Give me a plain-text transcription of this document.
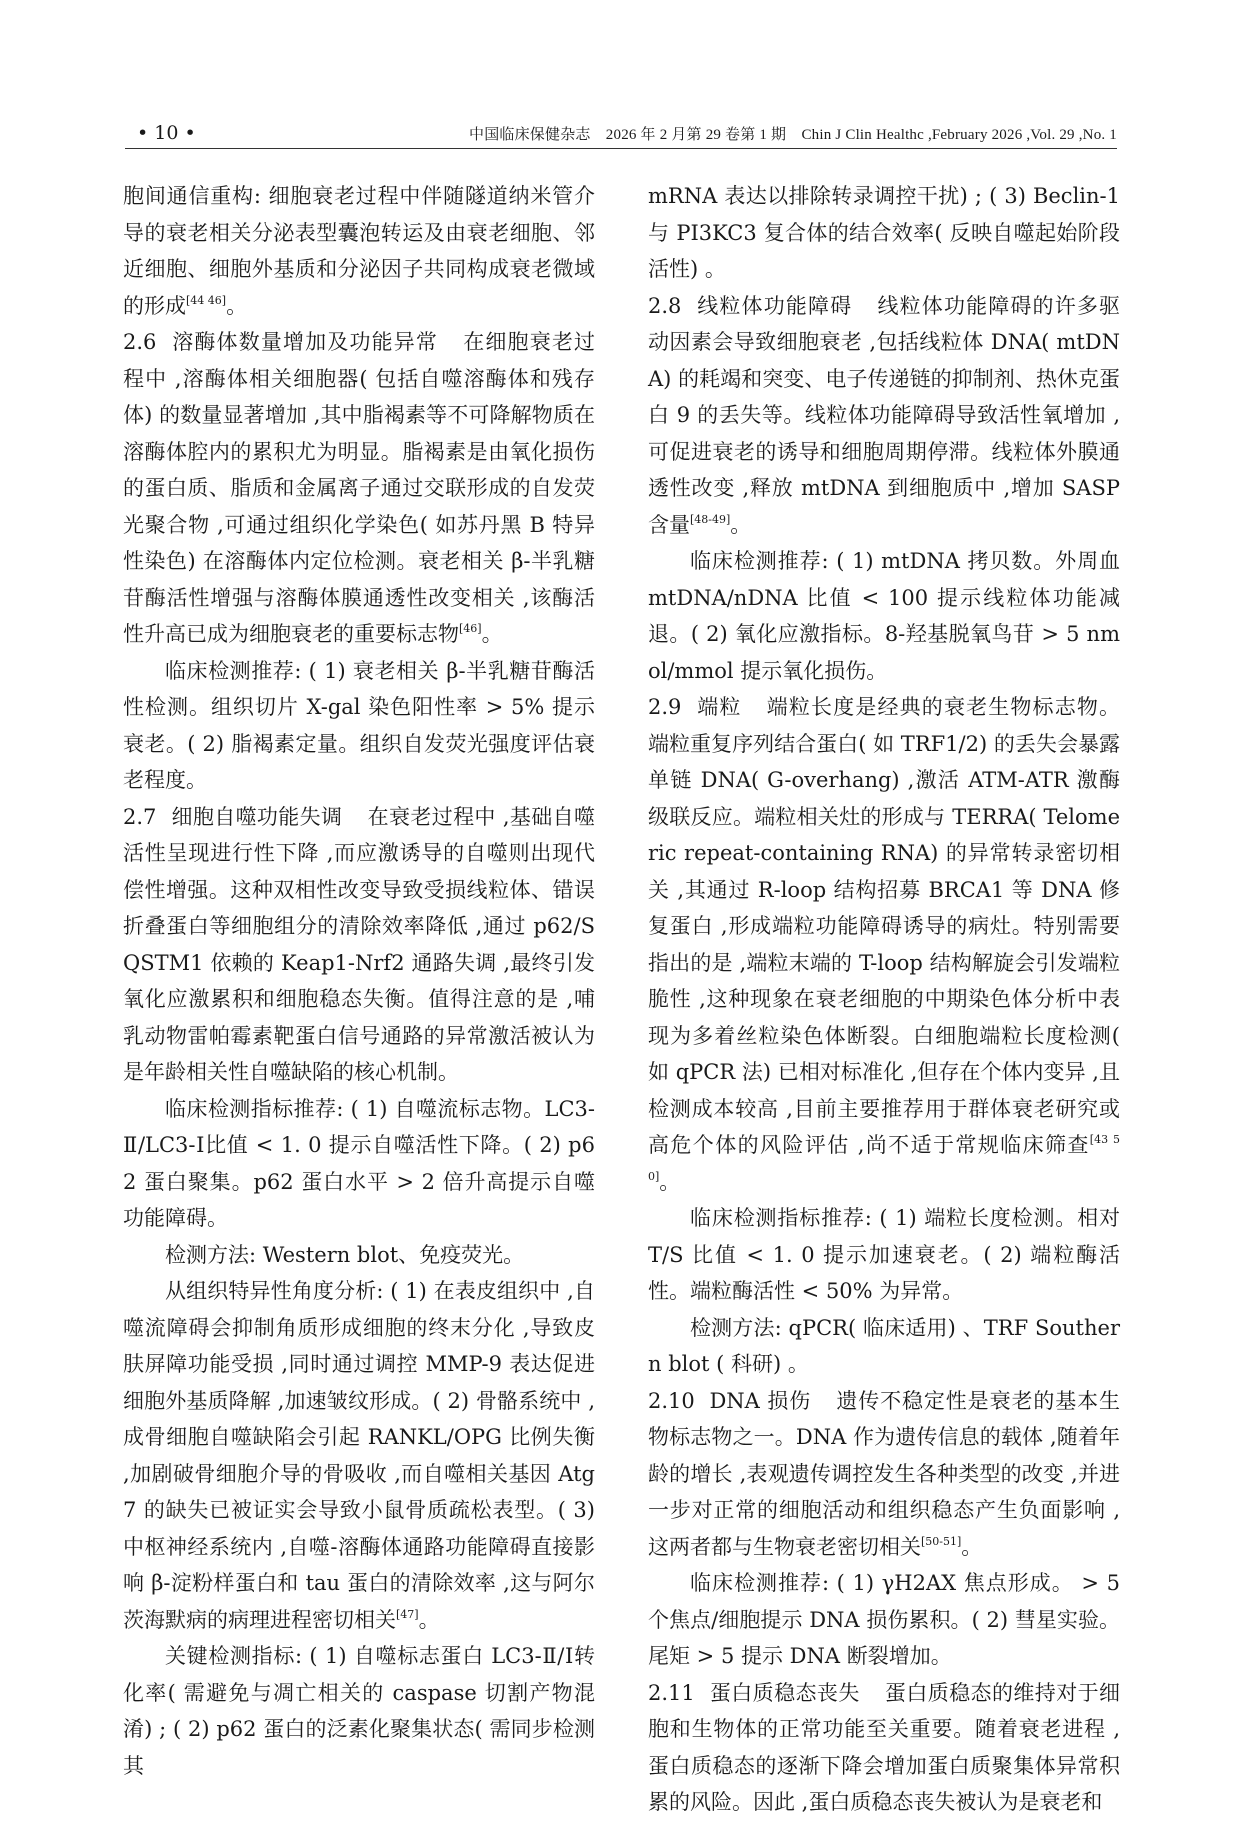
• 10 •	中国临床保健杂志　2026 年 2 月第 29 卷第 1 期　Chin J Clin Healthc ,February 2026 ,Vol. 29 ,No. 1

胞间通信重构: 细胞衰老过程中伴随隧道纳米管介导的衰老相关分泌表型囊泡转运及由衰老细胞、邻近细胞、细胞外基质和分泌因子共同构成衰老微域的形成[44 46]。

2.6 溶酶体数量增加及功能异常 在细胞衰老过程中 ,溶酶体相关细胞器( 包括自噬溶酶体和残存体) 的数量显著增加 ,其中脂褐素等不可降解物质在溶酶体腔内的累积尤为明显。脂褐素是由氧化损伤的蛋白质、脂质和金属离子通过交联形成的自发荧光聚合物 ,可通过组织化学染色( 如苏丹黑 B 特异性染色) 在溶酶体内定位检测。衰老相关 β-半乳糖苷酶活性增强与溶酶体膜通透性改变相关 ,该酶活性升高已成为细胞衰老的重要标志物[46]。

临床检测推荐: ( 1) 衰老相关 β-半乳糖苷酶活性检测。组织切片 X-gal 染色阳性率 > 5% 提示衰老。( 2) 脂褐素定量。组织自发荧光强度评估衰老程度。

2.7 细胞自噬功能失调 在衰老过程中 ,基础自噬活性呈现进行性下降 ,而应激诱导的自噬则出现代偿性增强。这种双相性改变导致受损线粒体、错误折叠蛋白等细胞组分的清除效率降低 ,通过 p62/SQSTM1 依赖的 Keap1-Nrf2 通路失调 ,最终引发氧化应激累积和细胞稳态失衡。值得注意的是 ,哺乳动物雷帕霉素靶蛋白信号通路的异常激活被认为是年龄相关性自噬缺陷的核心机制。

临床检测指标推荐: ( 1) 自噬流标志物。LC3-Ⅱ/LC3-Ⅰ比值 < 1. 0 提示自噬活性下降。( 2) p62 蛋白聚集。p62 蛋白水平 > 2 倍升高提示自噬功能障碍。

检测方法: Western blot、免疫荧光。

从组织特异性角度分析: ( 1) 在表皮组织中 ,自噬流障碍会抑制角质形成细胞的终末分化 ,导致皮肤屏障功能受损 ,同时通过调控 MMP-9 表达促进细胞外基质降解 ,加速皱纹形成。( 2) 骨骼系统中 ,成骨细胞自噬缺陷会引起 RANKL/OPG 比例失衡 ,加剧破骨细胞介导的骨吸收 ,而自噬相关基因 Atg7 的缺失已被证实会导致小鼠骨质疏松表型。( 3) 中枢神经系统内 ,自噬-溶酶体通路功能障碍直接影响 β-淀粉样蛋白和 tau 蛋白的清除效率 ,这与阿尔茨海默病的病理进程密切相关[47]。

关键检测指标: ( 1) 自噬标志蛋白 LC3-Ⅱ/Ⅰ转化率( 需避免与凋亡相关的 caspase 切割产物混淆) ; ( 2) p62 蛋白的泛素化聚集状态( 需同步检测其

mRNA 表达以排除转录调控干扰) ; ( 3) Beclin-1 与 PI3KC3 复合体的结合效率( 反映自噬起始阶段活性) 。

2.8 线粒体功能障碍 线粒体功能障碍的许多驱动因素会导致细胞衰老 ,包括线粒体 DNA( mtDNA) 的耗竭和突变、电子传递链的抑制剂、热休克蛋白 9 的丢失等。线粒体功能障碍导致活性氧增加 ,可促进衰老的诱导和细胞周期停滞。线粒体外膜通透性改变 ,释放 mtDNA 到细胞质中 ,增加 SASP 含量[48-49]。

临床检测推荐: ( 1) mtDNA 拷贝数。外周血 mtDNA/nDNA 比值 < 100 提示线粒体功能减退。( 2) 氧化应激指标。8-羟基脱氧鸟苷 > 5 nmol/mmol 提示氧化损伤。

2.9 端粒 端粒长度是经典的衰老生物标志物。端粒重复序列结合蛋白( 如 TRF1/2) 的丢失会暴露单链 DNA( G-overhang) ,激活 ATM-ATR 激酶级联反应。端粒相关灶的形成与 TERRA( Telomeric repeat-containing RNA) 的异常转录密切相关 ,其通过 R-loop 结构招募 BRCA1 等 DNA 修复蛋白 ,形成端粒功能障碍诱导的病灶。特别需要指出的是 ,端粒末端的 T-loop 结构解旋会引发端粒脆性 ,这种现象在衰老细胞的中期染色体分析中表现为多着丝粒染色体断裂。白细胞端粒长度检测( 如 qPCR 法) 已相对标准化 ,但存在个体内变异 ,且检测成本较高 ,目前主要推荐用于群体衰老研究或高危个体的风险评估 ,尚不适于常规临床筛查[43 50]。

临床检测指标推荐: ( 1) 端粒长度检测。相对 T/S 比值 < 1. 0 提示加速衰老。( 2) 端粒酶活性。端粒酶活性 < 50% 为异常。

检测方法: qPCR( 临床适用) 、TRF Southern blot ( 科研) 。

2.10 DNA 损伤 遗传不稳定性是衰老的基本生物标志物之一。DNA 作为遗传信息的载体 ,随着年龄的增长 ,表观遗传调控发生各种类型的改变 ,并进一步对正常的细胞活动和组织稳态产生负面影响 ,这两者都与生物衰老密切相关[50-51]。

临床检测推荐: ( 1) γH2AX 焦点形成。 > 5 个焦点/细胞提示 DNA 损伤累积。( 2) 彗星实验。尾矩 > 5 提示 DNA 断裂增加。

2.11 蛋白质稳态丧失 蛋白质稳态的维持对于细胞和生物体的正常功能至关重要。随着衰老进程 ,蛋白质稳态的逐渐下降会增加蛋白质聚集体异常积累的风险。因此 ,蛋白质稳态丧失被认为是衰老和
